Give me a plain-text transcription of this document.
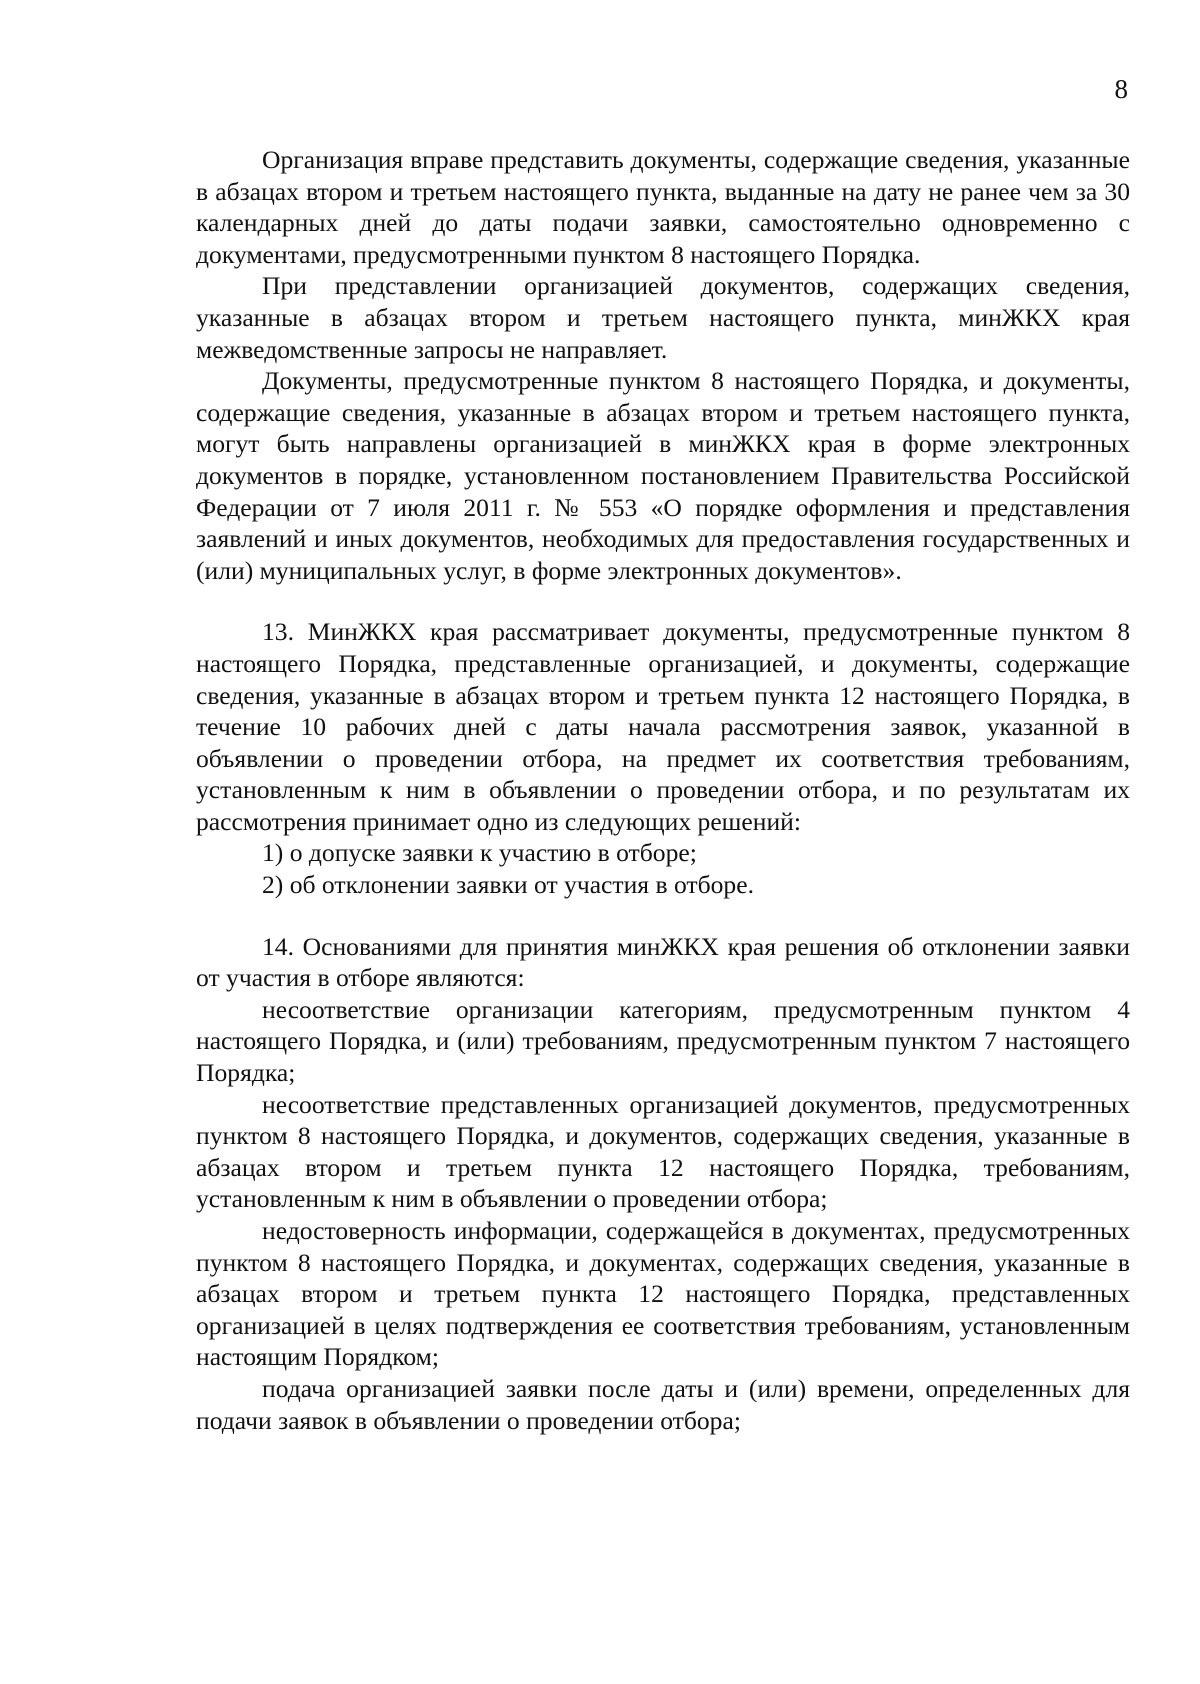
8

Организация вправе представить документы, содержащие сведения, указанные в абзацах втором и третьем настоящего пункта, выданные на дату не ранее чем за 30 календарных дней до даты подачи заявки, самостоятельно одновременно с документами, предусмотренными пунктом 8 настоящего Порядка.

При представлении организацией документов, содержащих сведения, указанные в абзацах втором и третьем настоящего пункта, минЖКХ края межведомственные запросы не направляет.

Документы, предусмотренные пунктом 8 настоящего Порядка, и документы, содержащие сведения, указанные в абзацах втором и третьем настоящего пункта, могут быть направлены организацией в минЖКХ края в форме электронных документов в порядке, установленном постановлением Правительства Российской Федерации от 7 июля 2011 г. № 553 «О порядке оформления и представления заявлений и иных документов, необходимых для предоставления государственных и (или) муниципальных услуг, в форме электронных документов».

13. МинЖКХ края рассматривает документы, предусмотренные пунктом 8 настоящего Порядка, представленные организацией, и документы, содержащие сведения, указанные в абзацах втором и третьем пункта 12 настоящего Порядка, в течение 10 рабочих дней с даты начала рассмотрения заявок, указанной в объявлении о проведении отбора, на предмет их соответствия требованиям, установленным к ним в объявлении о проведении отбора, и по результатам их рассмотрения принимает одно из следующих решений:

1) о допуске заявки к участию в отборе;

2) об отклонении заявки от участия в отборе.

14. Основаниями для принятия минЖКХ края решения об отклонении заявки от участия в отборе являются:

несоответствие организации категориям, предусмотренным пунктом 4 настоящего Порядка, и (или) требованиям, предусмотренным пунктом 7 настоящего Порядка;

несоответствие представленных организацией документов, предусмотренных пунктом 8 настоящего Порядка, и документов, содержащих сведения, указанные в абзацах втором и третьем пункта 12 настоящего Порядка, требованиям, установленным к ним в объявлении о проведении отбора;

недостоверность информации, содержащейся в документах, предусмотренных пунктом 8 настоящего Порядка, и документах, содержащих сведения, указанные в абзацах втором и третьем пункта 12 настоящего Порядка, представленных организацией в целях подтверждения ее соответствия требованиям, установленным настоящим Порядком;

подача организацией заявки после даты и (или) времени, определенных для подачи заявок в объявлении о проведении отбора;
